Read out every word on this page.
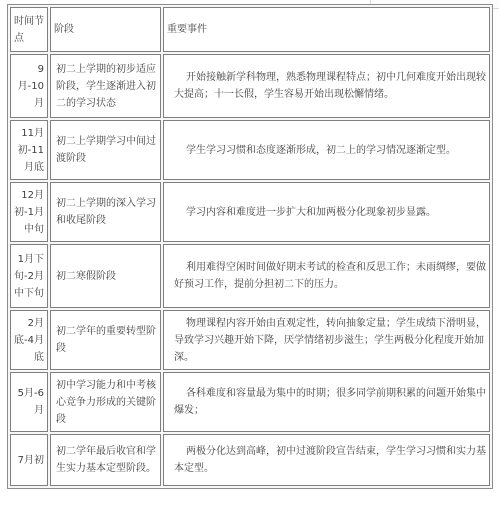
时间节点	阶段	重要事件
9月-10月	初二上学期的初步适应阶段，学生逐渐进入初二的学习状态	开始接触新学科物理，熟悉物理课程特点；初中几何难度开始出现较大提高；十一长假，学生容易开始出现松懈情绪。
11月初-11月底	初二上学期学习中间过渡阶段	学生学习习惯和态度逐渐形成，初二上的学习情况逐渐定型。
12月初-1月中旬	初二上学期的深入学习和收尾阶段	学习内容和难度进一步扩大和加两极分化现象初步显露。
1月下旬-2月中下旬	初二寒假阶段	利用难得空闲时间做好期末考试的检查和反思工作；未雨绸缪，要做好预习工作，提前分担初二下的压力。
2月底-4月底	初二学年的重要转型阶段	物理课程内容开始由直观定性，转向抽象定量；学生成绩下滑明显，导致学习兴趣开始下降，厌学情绪初步滋生；学生两极分化程度开始加深。
5月-6月	初中学习能力和中考核心竞争力形成的关键阶段	各科难度和容量最为集中的时期；很多同学前期积累的问题开始集中爆发；
7月初	初二学年最后收官和学生实力基本定型阶段。	两极分化达到高峰，初中过渡阶段宣告结束，学生学习习惯和实力基本定型。
